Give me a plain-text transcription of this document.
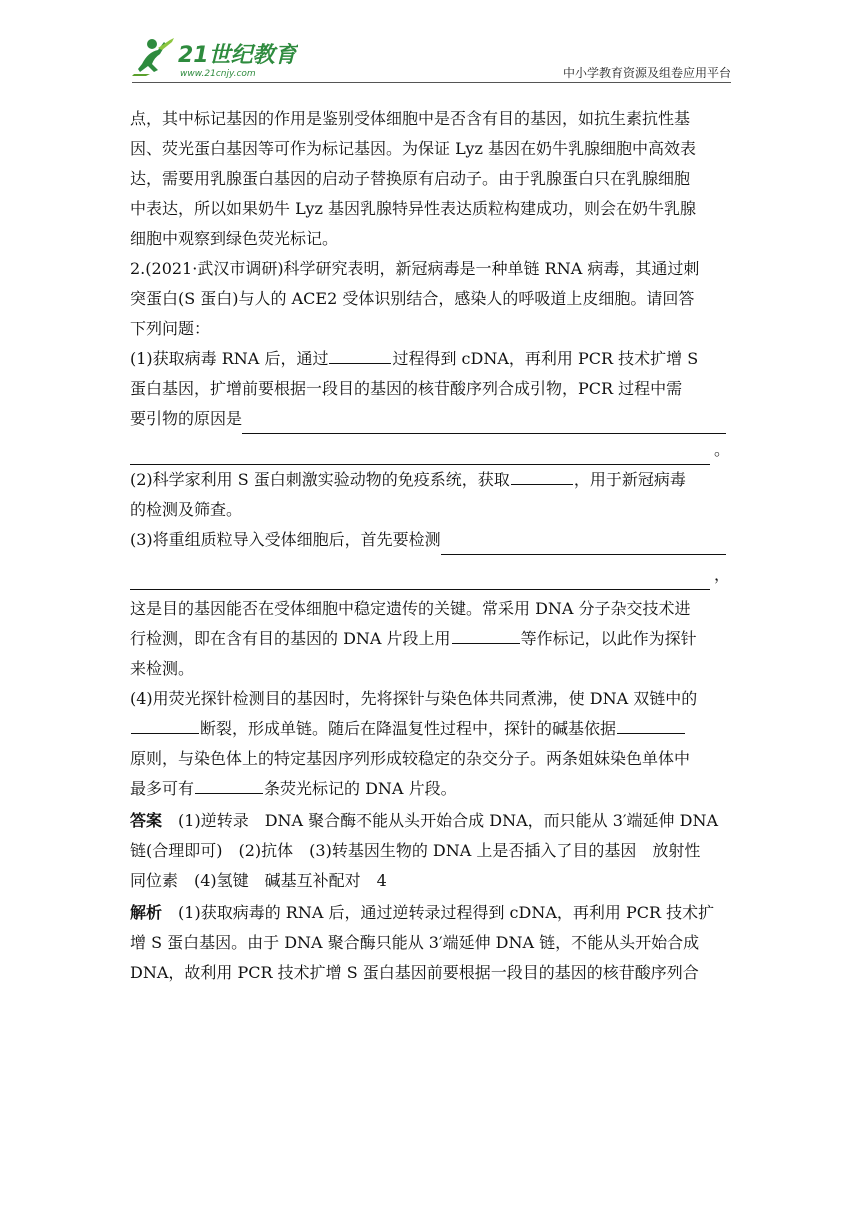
21世纪教育
www.21cnjy.com	中小学教育资源及组卷应用平台

点，其中标记基因的作用是鉴别受体细胞中是否含有目的基因，如抗生素抗性基
因、荧光蛋白基因等可作为标记基因。为保证 Lyz 基因在奶牛乳腺细胞中高效表
达，需要用乳腺蛋白基因的启动子替换原有启动子。由于乳腺蛋白只在乳腺细胞
中表达，所以如果奶牛 Lyz 基因乳腺特异性表达质粒构建成功，则会在奶牛乳腺
细胞中观察到绿色荧光标记。

2.(2021·武汉市调研)科学研究表明，新冠病毒是一种单链 RNA 病毒，其通过刺
突蛋白(S 蛋白)与人的 ACE2 受体识别结合，感染人的呼吸道上皮细胞。请回答
下列问题：

(1)获取病毒 RNA 后，通过	过程得到 cDNA，再利用 PCR 技术扩增 S
蛋白基因，扩增前要根据一段目的基因的核苷酸序列合成引物，PCR 过程中需
要引物的原因是
。

(2)科学家利用 S 蛋白刺激实验动物的免疫系统，获取	，用于新冠病毒
的检测及筛查。

(3)将重组质粒导入受体细胞后，首先要检测
，
这是目的基因能否在受体细胞中稳定遗传的关键。常采用 DNA 分子杂交技术进
行检测，即在含有目的基因的 DNA 片段上用	等作标记，以此作为探针
来检测。

(4)用荧光探针检测目的基因时，先将探针与染色体共同煮沸，使 DNA 双链中的
断裂，形成单链。随后在降温复性过程中，探针的碱基依据
原则，与染色体上的特定基因序列形成较稳定的杂交分子。两条姐妹染色单体中
最多可有	条荧光标记的 DNA 片段。

答案　 (1)逆转录　DNA 聚合酶不能从头开始合成 DNA，而只能从 3′端延伸 DNA
链(合理即可)　(2)抗体　(3)转基因生物的 DNA 上是否插入了目的基因　放射性
同位素　(4)氢键　碱基互补配对　4

解析　 (1)获取病毒的 RNA 后，通过逆转录过程得到 cDNA，再利用 PCR 技术扩
增 S 蛋白基因。由于 DNA 聚合酶只能从 3′端延伸 DNA 链，不能从头开始合成
DNA，故利用 PCR 技术扩增 S 蛋白基因前要根据一段目的基因的核苷酸序列合
